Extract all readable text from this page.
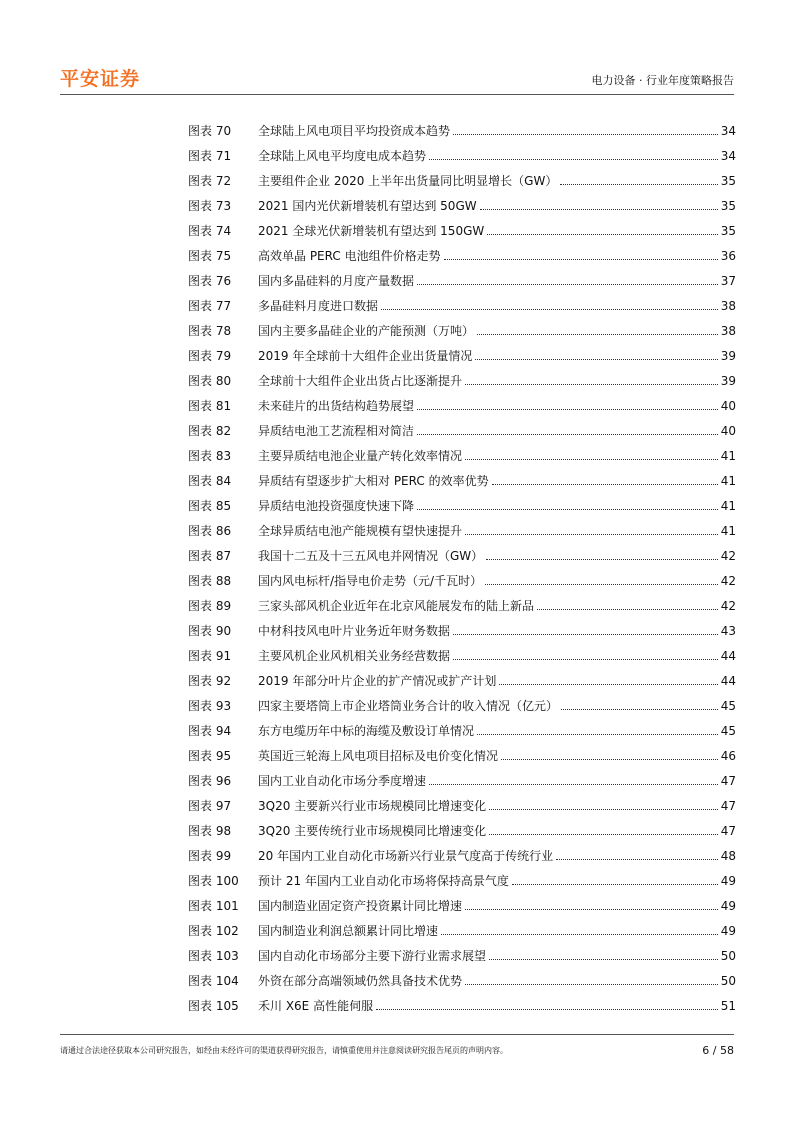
平安证券	电力设备 · 行业年度策略报告
图表 70	全球陆上风电项目平均投资成本趋势	34
图表 71	全球陆上风电平均度电成本趋势	34
图表 72	主要组件企业 2020 上半年出货量同比明显增长（GW）	35
图表 73	2021 国内光伏新增装机有望达到 50GW	35
图表 74	2021 全球光伏新增装机有望达到 150GW	35
图表 75	高效单晶 PERC 电池组件价格走势	36
图表 76	国内多晶硅料的月度产量数据	37
图表 77	多晶硅料月度进口数据	38
图表 78	国内主要多晶硅企业的产能预测（万吨）	38
图表 79	2019 年全球前十大组件企业出货量情况	39
图表 80	全球前十大组件企业出货占比逐渐提升	39
图表 81	未来硅片的出货结构趋势展望	40
图表 82	异质结电池工艺流程相对简洁	40
图表 83	主要异质结电池企业量产转化效率情况	41
图表 84	异质结有望逐步扩大相对 PERC 的效率优势	41
图表 85	异质结电池投资强度快速下降	41
图表 86	全球异质结电池产能规模有望快速提升	41
图表 87	我国十二五及十三五风电并网情况（GW）	42
图表 88	国内风电标杆/指导电价走势（元/千瓦时）	42
图表 89	三家头部风机企业近年在北京风能展发布的陆上新品	42
图表 90	中材科技风电叶片业务近年财务数据	43
图表 91	主要风机企业风机相关业务经营数据	44
图表 92	2019 年部分叶片企业的扩产情况或扩产计划	44
图表 93	四家主要塔筒上市企业塔筒业务合计的收入情况（亿元）	45
图表 94	东方电缆历年中标的海缆及敷设订单情况	45
图表 95	英国近三轮海上风电项目招标及电价变化情况	46
图表 96	国内工业自动化市场分季度增速	47
图表 97	3Q20 主要新兴行业市场规模同比增速变化	47
图表 98	3Q20 主要传统行业市场规模同比增速变化	47
图表 99	20 年国内工业自动化市场新兴行业景气度高于传统行业	48
图表 100	预计 21 年国内工业自动化市场将保持高景气度	49
图表 101	国内制造业固定资产投资累计同比增速	49
图表 102	国内制造业利润总额累计同比增速	49
图表 103	国内自动化市场部分主要下游行业需求展望	50
图表 104	外资在部分高端领域仍然具备技术优势	50
图表 105	禾川 X6E 高性能伺服	51
请通过合法途径获取本公司研究报告，如经由未经许可的渠道获得研究报告，请慎重使用并注意阅读研究报告尾页的声明内容。	6 / 58
